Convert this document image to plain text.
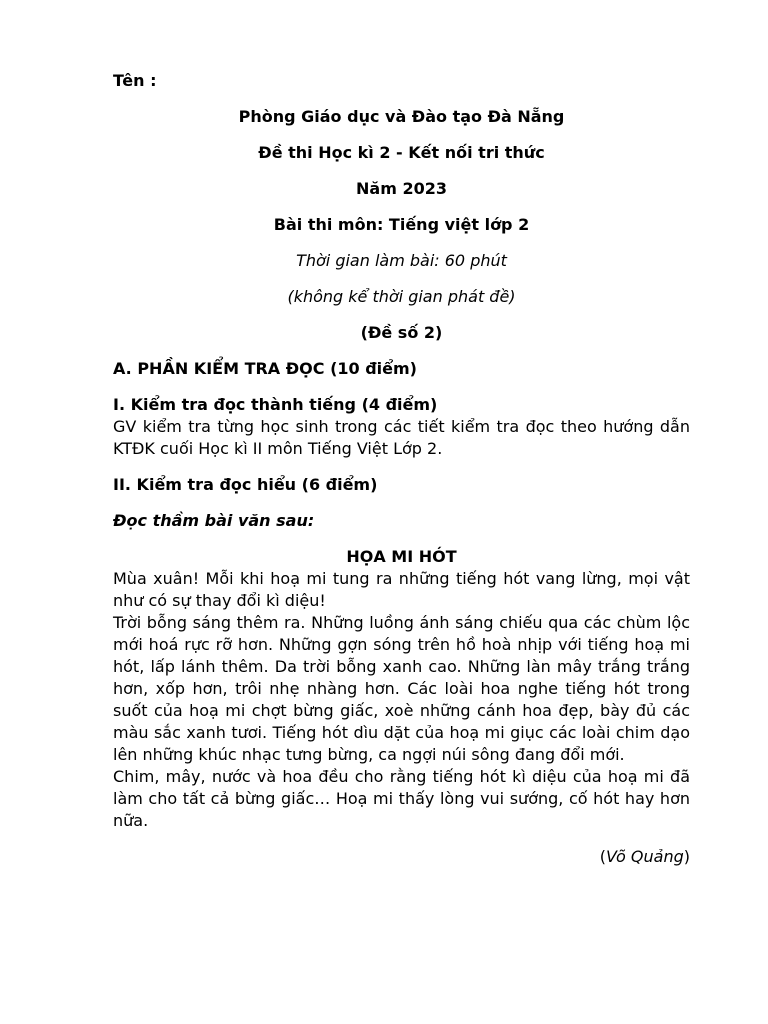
Tên :

Phòng Giáo dục và Đào tạo Đà Nẵng

Đề thi Học kì 2 - Kết nối tri thức

Năm 2023

Bài thi môn: Tiếng việt lớp 2

Thời gian làm bài: 60 phút

(không kể thời gian phát đề)

(Đề số 2)

A. PHẦN KIỂM TRA ĐỌC (10 điểm)

I. Kiểm tra đọc thành tiếng (4 điểm)

GV kiểm tra từng học sinh trong các tiết kiểm tra đọc theo hướng dẫn KTĐK cuối Học kì II môn Tiếng Việt Lớp 2.

II. Kiểm tra đọc hiểu (6 điểm)

Đọc thầm bài văn sau:

HỌA MI HÓT

Mùa xuân! Mỗi khi hoạ mi tung ra những tiếng hót vang lừng, mọi vật như có sự thay đổi kì diệu!

Trời bỗng sáng thêm ra. Những luồng ánh sáng chiếu qua các chùm lộc mới hoá rực rỡ hơn. Những gợn sóng trên hồ hoà nhịp với tiếng hoạ mi hót, lấp lánh thêm. Da trời bỗng xanh cao. Những làn mây trắng trắng hơn, xốp hơn, trôi nhẹ nhàng hơn. Các loài hoa nghe tiếng hót trong suốt của hoạ mi chợt bừng giấc, xoè những cánh hoa đẹp, bày đủ các màu sắc xanh tươi. Tiếng hót dìu dặt của hoạ mi giục các loài chim dạo lên những khúc nhạc tưng bừng, ca ngợi núi sông đang đổi mới.

Chim, mây, nước và hoa đều cho rằng tiếng hót kì diệu của hoạ mi đã làm cho tất cả bừng giấc… Hoạ mi thấy lòng vui sướng, cố hót hay hơn nữa.

(Võ Quảng)
